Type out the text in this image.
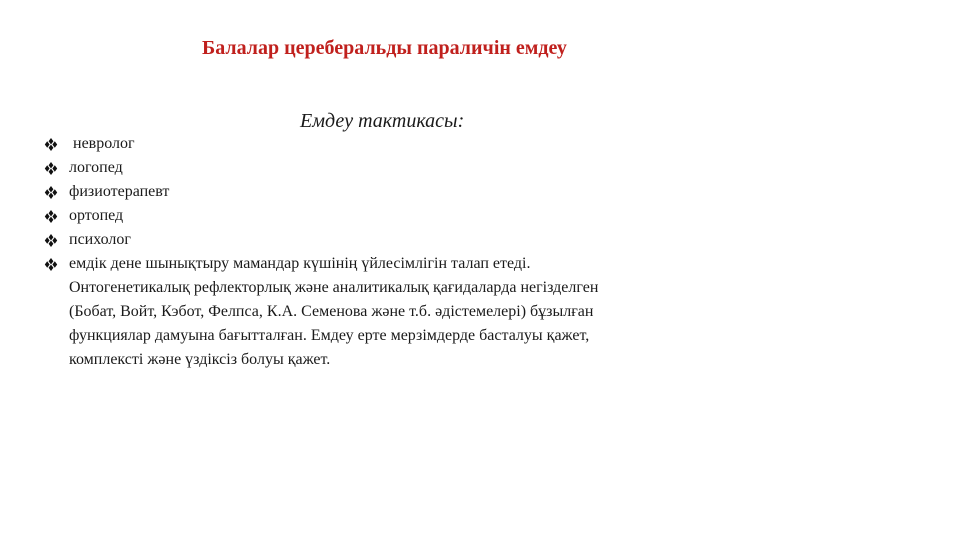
Балалар цереберальды параличін емдеу
Емдеу тактикасы:
невролог
логопед
физиотерапевт
ортопед
психолог
емдік дене шынықтыру мамандар күшінің үйлесімлігін талап етеді.
Онтогенетикалық рефлекторлық және аналитикалық қағидаларда негізделген
(Бобат, Войт, Кэбот, Фелпса, К.А. Семенова және т.б. әдістемелері) бұзылған
функциялар дамуына бағытталған. Емдеу ерте мерзімдерде басталуы қажет,
комплексті және үздіксіз болуы қажет.
